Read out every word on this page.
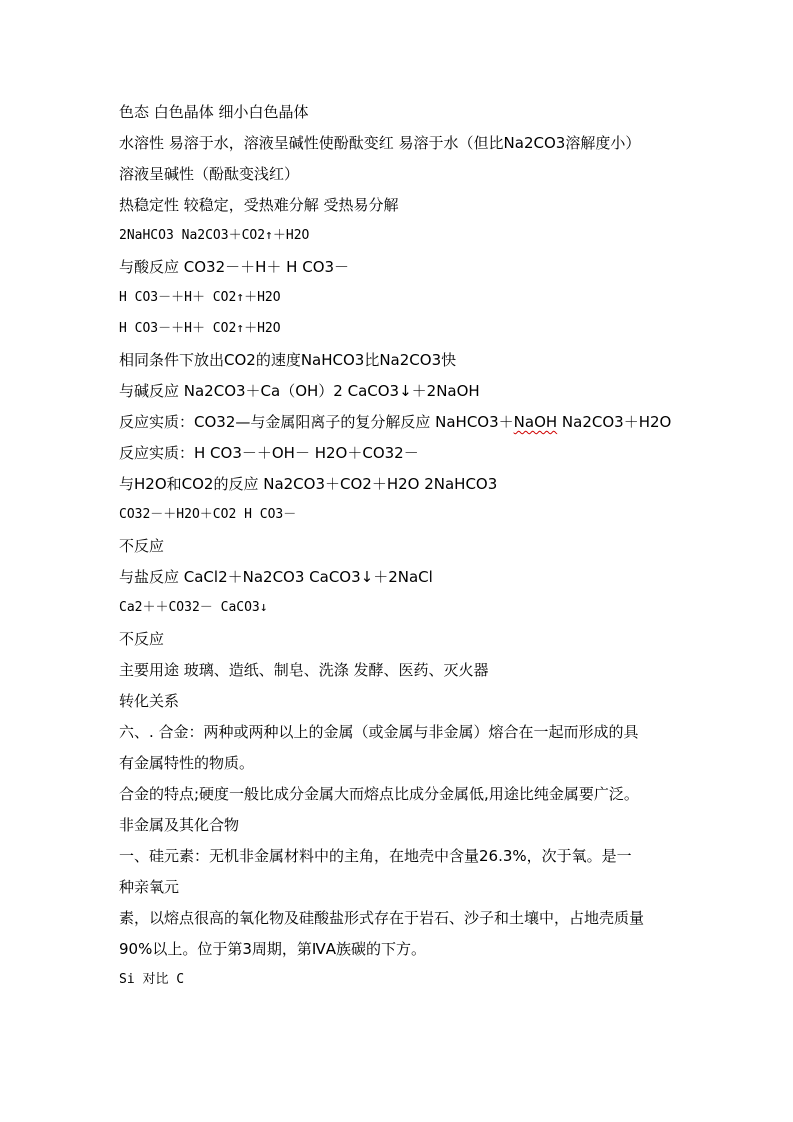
色态 白色晶体 细小白色晶体
水溶性 易溶于水，溶液呈碱性使酚酞变红 易溶于水（但比Na2CO3溶解度小）
溶液呈碱性（酚酞变浅红）
热稳定性 较稳定，受热难分解 受热易分解
2NaHCO3 Na2CO3＋CO2↑＋H2O
与酸反应 CO32－＋H＋ H CO3－
H CO3－＋H＋ CO2↑＋H2O
H CO3－＋H＋ CO2↑＋H2O
相同条件下放出CO2的速度NaHCO3比Na2CO3快
与碱反应 Na2CO3＋Ca（OH）2 CaCO3↓＋2NaOH
反应实质：CO32—与金属阳离子的复分解反应 NaHCO3＋NaOH Na2CO3＋H2O
反应实质：H CO3－＋OH－ H2O＋CO32－
与H2O和CO2的反应 Na2CO3＋CO2＋H2O 2NaHCO3
CO32－＋H2O＋CO2 H CO3－
不反应
与盐反应 CaCl2＋Na2CO3 CaCO3↓＋2NaCl
Ca2＋＋CO32－ CaCO3↓
不反应
主要用途 玻璃、造纸、制皂、洗涤 发酵、医药、灭火器
转化关系
六、. 合金：两种或两种以上的金属（或金属与非金属）熔合在一起而形成的具
有金属特性的物质。
合金的特点;硬度一般比成分金属大而熔点比成分金属低,用途比纯金属要广泛。
非金属及其化合物
一、硅元素：无机非金属材料中的主角，在地壳中含量26.3%，次于氧。是一
种亲氧元
素，以熔点很高的氧化物及硅酸盐形式存在于岩石、沙子和土壤中，占地壳质量
90%以上。位于第3周期，第ⅣA族碳的下方。
Si 对比 C
